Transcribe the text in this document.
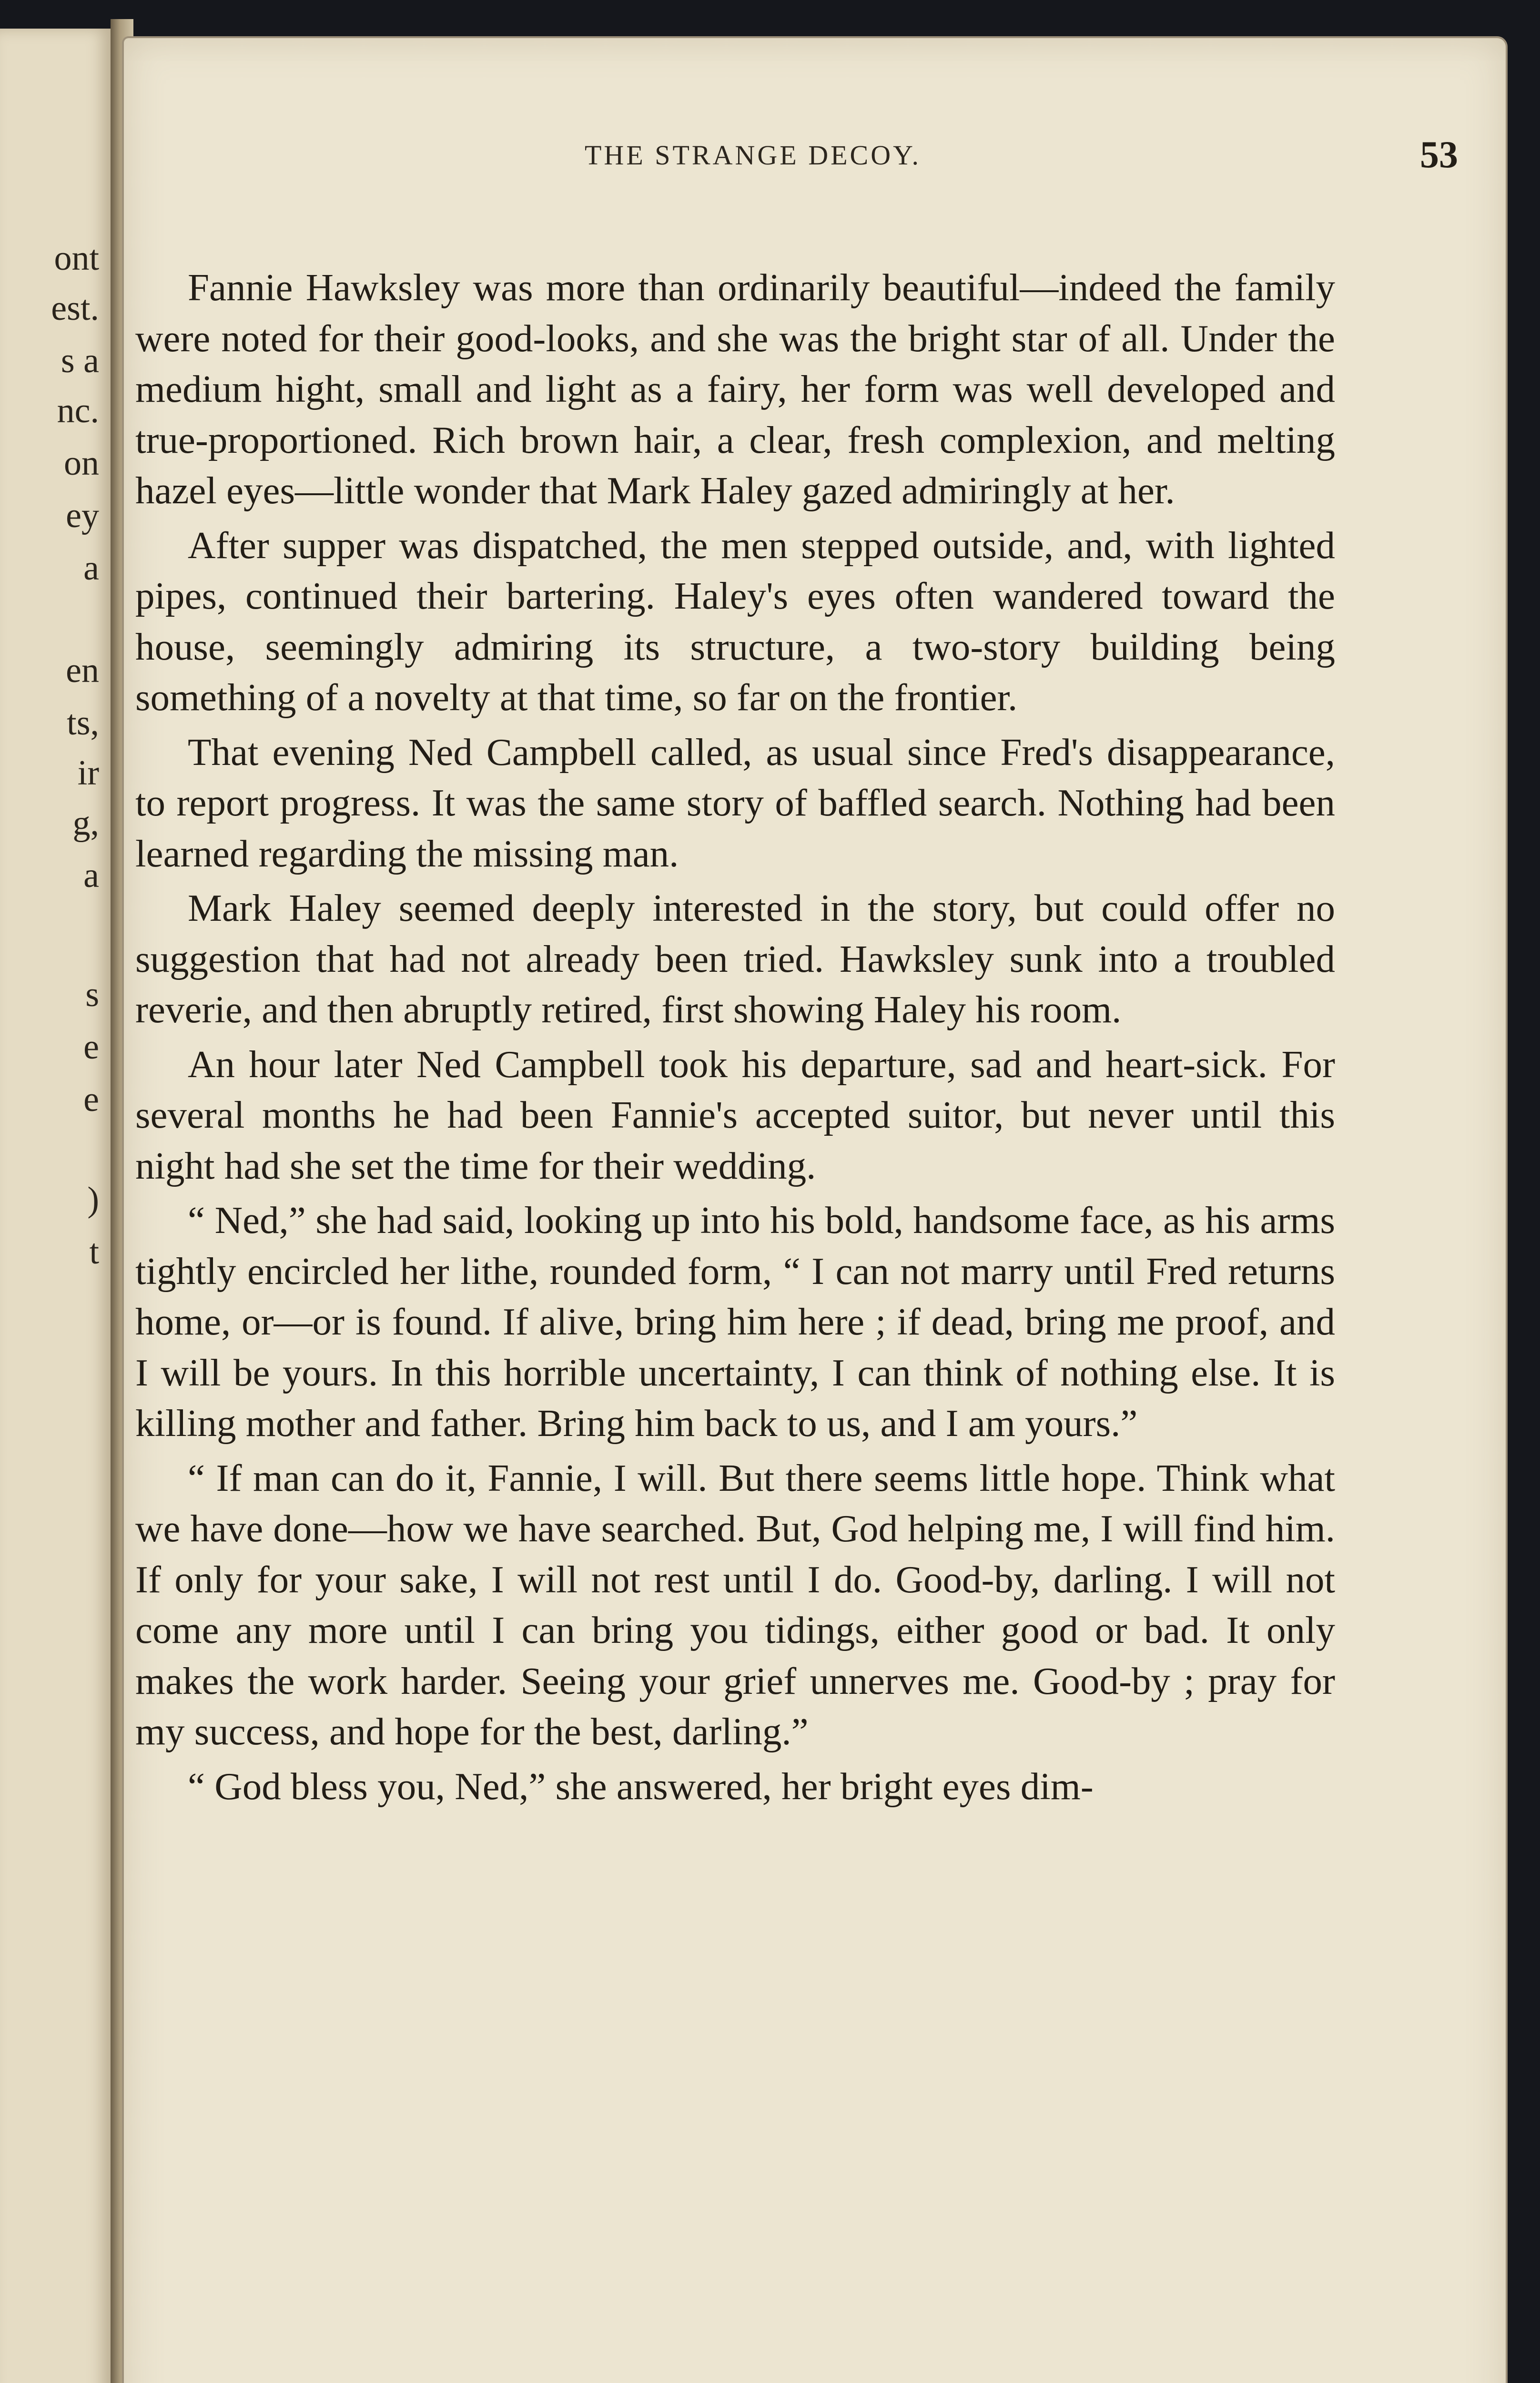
ont
est.
s a
nc.
on
ey
a
en
ts,
ir
g,
a
s
e
e
)
t
THE STRANGE DECOY.	53

Fannie Hawksley was more than ordinarily beautiful—indeed the family were noted for their good-looks, and she was the bright star of all. Under the medium hight, small and light as a fairy, her form was well developed and true-proportioned. Rich brown hair, a clear, fresh complexion, and melting hazel eyes—little wonder that Mark Haley gazed admiringly at her.

After supper was dispatched, the men stepped outside, and, with lighted pipes, continued their bartering. Haley's eyes often wandered toward the house, seemingly admiring its structure, a two-story building being something of a novelty at that time, so far on the frontier.

That evening Ned Campbell called, as usual since Fred's disappearance, to report progress. It was the same story of baffled search. Nothing had been learned regarding the missing man.

Mark Haley seemed deeply interested in the story, but could offer no suggestion that had not already been tried. Hawksley sunk into a troubled reverie, and then abruptly retired, first showing Haley his room.

An hour later Ned Campbell took his departure, sad and heart-sick. For several months he had been Fannie's accepted suitor, but never until this night had she set the time for their wedding.

“ Ned,” she had said, looking up into his bold, handsome face, as his arms tightly encircled her lithe, rounded form, “ I can not marry until Fred returns home, or—or is found. If alive, bring him here ; if dead, bring me proof, and I will be yours. In this horrible uncertainty, I can think of nothing else. It is killing mother and father. Bring him back to us, and I am yours.”

“ If man can do it, Fannie, I will. But there seems little hope. Think what we have done—how we have searched. But, God helping me, I will find him. If only for your sake, I will not rest until I do. Good-by, darling. I will not come any more until I can bring you tidings, either good or bad. It only makes the work harder. Seeing your grief unnerves me. Good-by ; pray for my success, and hope for the best, darling.”

“ God bless you, Ned,” she answered, her bright eyes dim-
